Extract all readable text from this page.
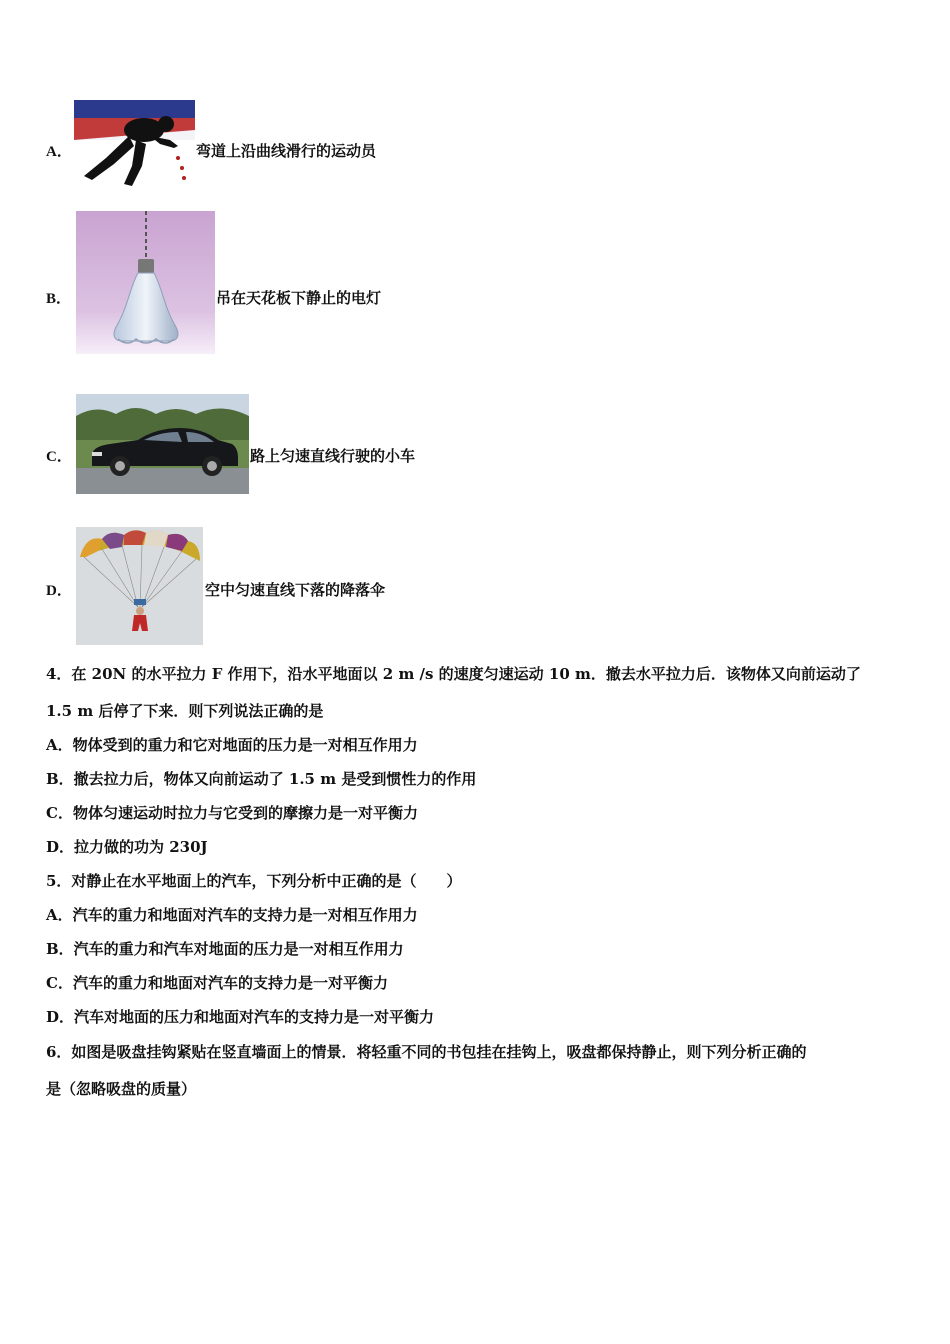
A．	弯道上沿曲线滑行的运动员
B．	吊在天花板下静止的电灯
C．	路上匀速直线行驶的小车
D．	空中匀速直线下落的降落伞
4．在 20N 的水平拉力 F 作用下，沿水平地面以 2 m /s 的速度匀速运动 10 m．撤去水平拉力后．该物体又向前运动了
1.5 m 后停了下来．则下列说法正确的是
A．物体受到的重力和它对地面的压力是一对相互作用力
B．撤去拉力后，物体又向前运动了 1.5 m 是受到惯性力的作用
C．物体匀速运动时拉力与它受到的摩擦力是一对平衡力
D．拉力做的功为 230J
5．对静止在水平地面上的汽车，下列分析中正确的是（　　）
A．汽车的重力和地面对汽车的支持力是一对相互作用力
B．汽车的重力和汽车对地面的压力是一对相互作用力
C．汽车的重力和地面对汽车的支持力是一对平衡力
D．汽车对地面的压力和地面对汽车的支持力是一对平衡力
6．如图是吸盘挂钩紧贴在竖直墙面上的情景．将轻重不同的书包挂在挂钩上，吸盘都保持静止，则下列分析正确的
是（忽略吸盘的质量）
